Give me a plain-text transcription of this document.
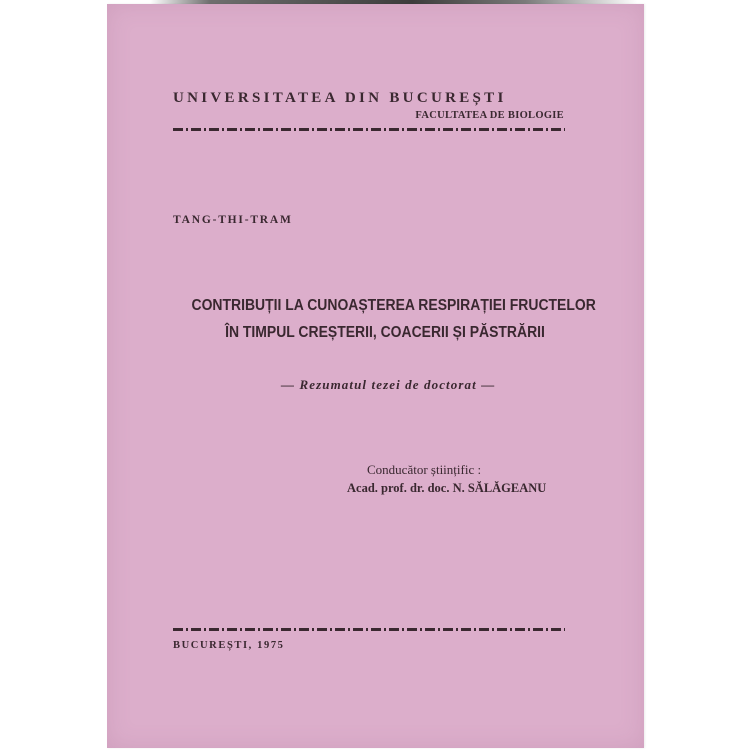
UNIVERSITATEA DIN BUCUREȘTI

FACULTATEA DE BIOLOGIE

TANG-THI-TRAM

CONTRIBUȚII LA CUNOAȘTEREA RESPIRAȚIEI FRUCTELOR
ÎN TIMPUL CREȘTERII, COACERII ȘI PĂSTRĂRII

— Rezumatul tezei de doctorat —

Conducător științific :

Acad. prof. dr. doc. N. SĂLĂGEANU

BUCUREȘTI, 1975
